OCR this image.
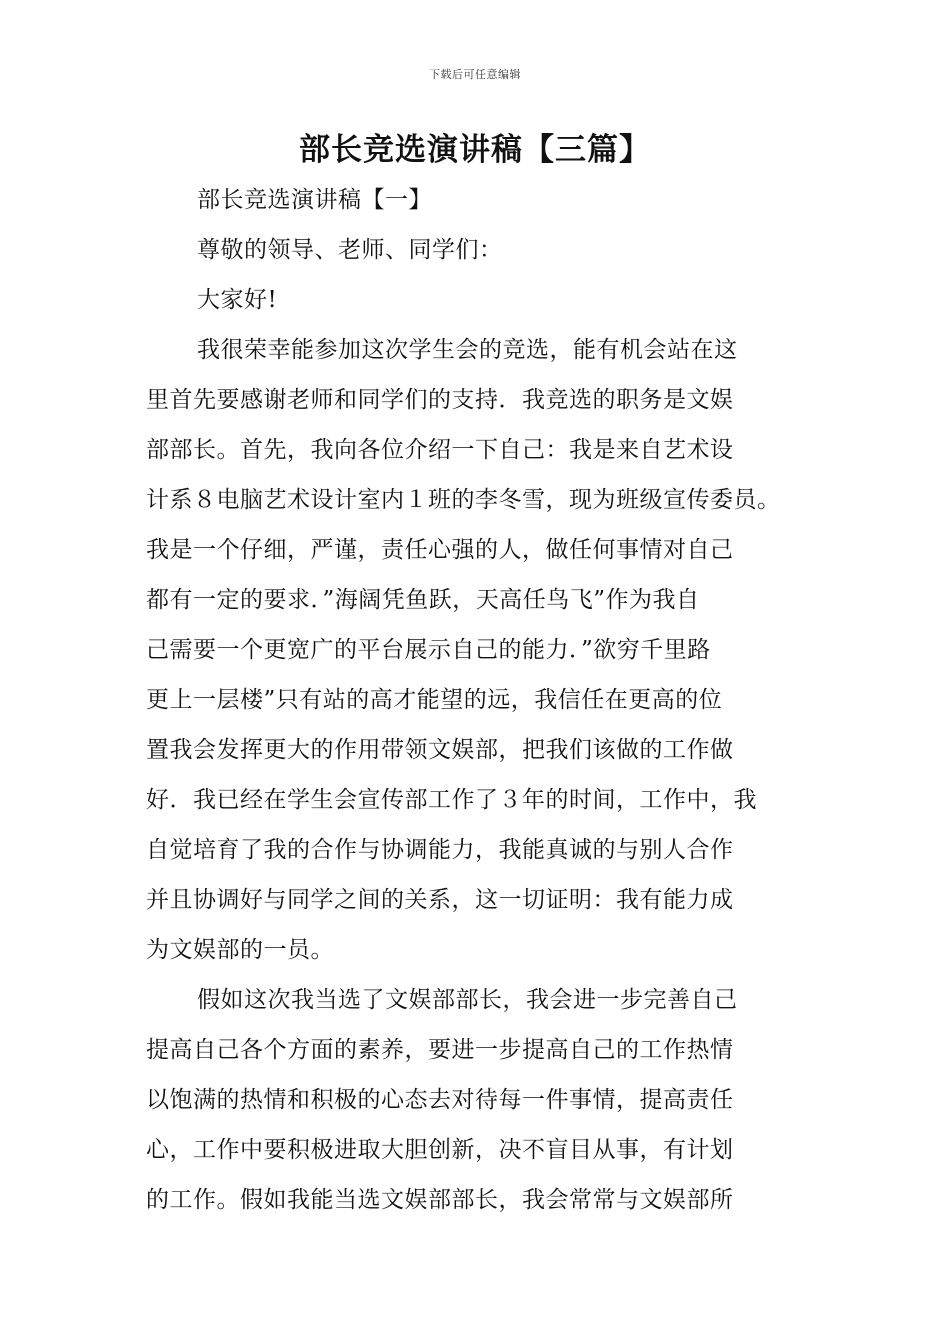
下载后可任意编辑
部长竞选演讲稿【三篇】
部长竞选演讲稿【一】
尊敬的领导、老师、同学们：
大家好!
我很荣幸能参加这次学生会的竞选，能有机会站在这
里首先要感谢老师和同学们的支持．我竞选的职务是文娱
部部长。首先，我向各位介绍一下自己：我是来自艺术设
计系８电脑艺术设计室内１班的李冬雪，现为班级宣传委员。
我是一个仔细，严谨，责任心强的人，做任何事情对自己
都有一定的要求．”海阔凭鱼跃，天高任鸟飞”作为我自
己需要一个更宽广的平台展示自己的能力．”欲穷千里路
更上一层楼”只有站的高才能望的远，我信任在更高的位
置我会发挥更大的作用带领文娱部，把我们该做的工作做
好．我已经在学生会宣传部工作了３年的时间，工作中，我
自觉培育了我的合作与协调能力，我能真诚的与别人合作
并且协调好与同学之间的关系，这一切证明：我有能力成
为文娱部的一员。
假如这次我当选了文娱部部长，我会进一步完善自己
提高自己各个方面的素养，要进一步提高自己的工作热情
以饱满的热情和积极的心态去对待每一件事情，提高责任
心，工作中要积极进取大胆创新，决不盲目从事，有计划
的工作。假如我能当选文娱部部长，我会常常与文娱部所
